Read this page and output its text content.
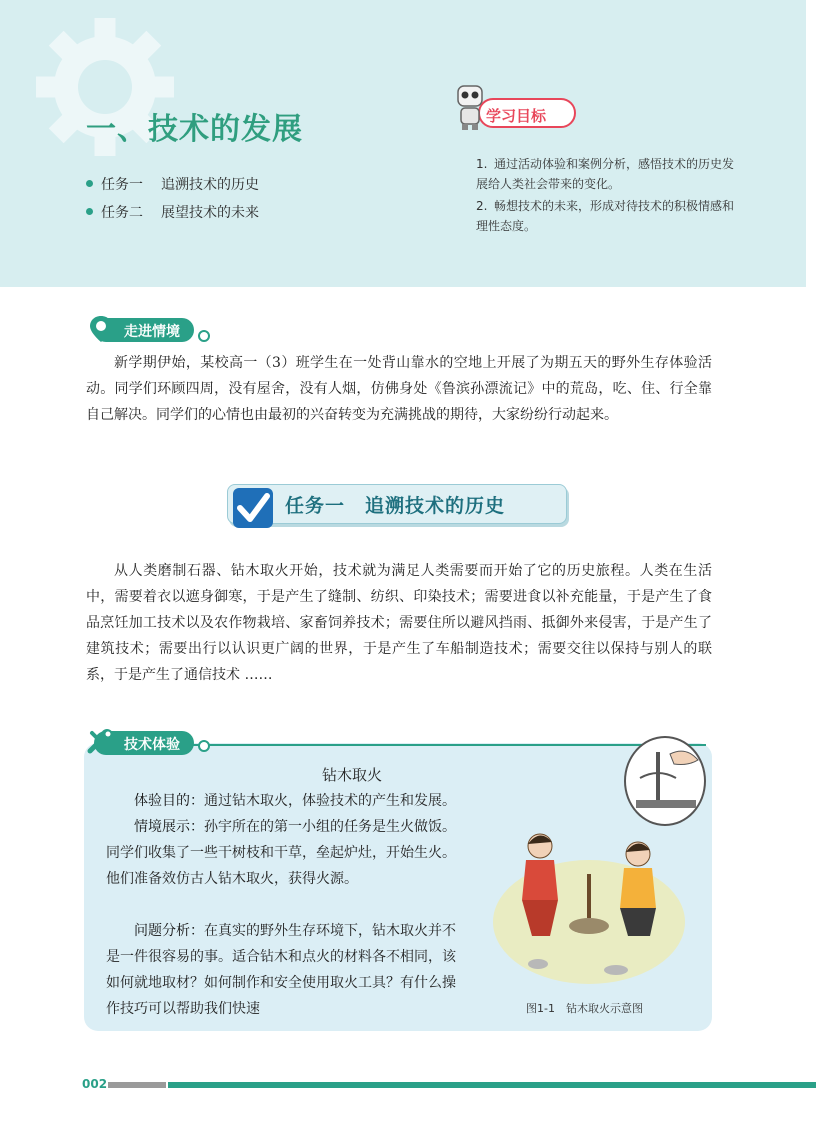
一、技术的发展
任务一 追溯技术的历史
任务二 展望技术的未来
学习目标
1. 通过活动体验和案例分析，感悟技术的历史发展给人类社会带来的变化。
2. 畅想技术的未来，形成对待技术的积极情感和理性态度。
走进情境
新学期伊始，某校高一（3）班学生在一处背山靠水的空地上开展了为期五天的野外生存体验活动。同学们环顾四周，没有屋舍，没有人烟，仿佛身处《鲁滨孙漂流记》中的荒岛，吃、住、行全靠自己解决。同学们的心情也由最初的兴奋转变为充满挑战的期待，大家纷纷行动起来。
任务一　追溯技术的历史
从人类磨制石器、钻木取火开始，技术就为满足人类需要而开始了它的历史旅程。人类在生活中，需要着衣以遮身御寒，于是产生了缝制、纺织、印染技术；需要进食以补充能量，于是产生了食品烹饪加工技术以及农作物栽培、家畜饲养技术；需要住所以避风挡雨、抵御外来侵害，于是产生了建筑技术；需要出行以认识更广阔的世界，于是产生了车船制造技术；需要交往以保持与别人的联系，于是产生了通信技术 ……
技术体验
钻木取火
体验目的：通过钻木取火，体验技术的产生和发展。
情境展示：孙宇所在的第一小组的任务是生火做饭。 同学们收集了一些干树枝和干草，垒起炉灶，开始生火。他们准备效仿古人钻木取火，获得火源。
问题分析：在真实的野外生存环境下，钻木取火并不是一件很容易的事。适合钻木和点火的材料各不相同，该如何就地取材？如何制作和安全使用取火工具？有什么操作技巧可以帮助我们快速	图1-1　钻木取火示意图
002
